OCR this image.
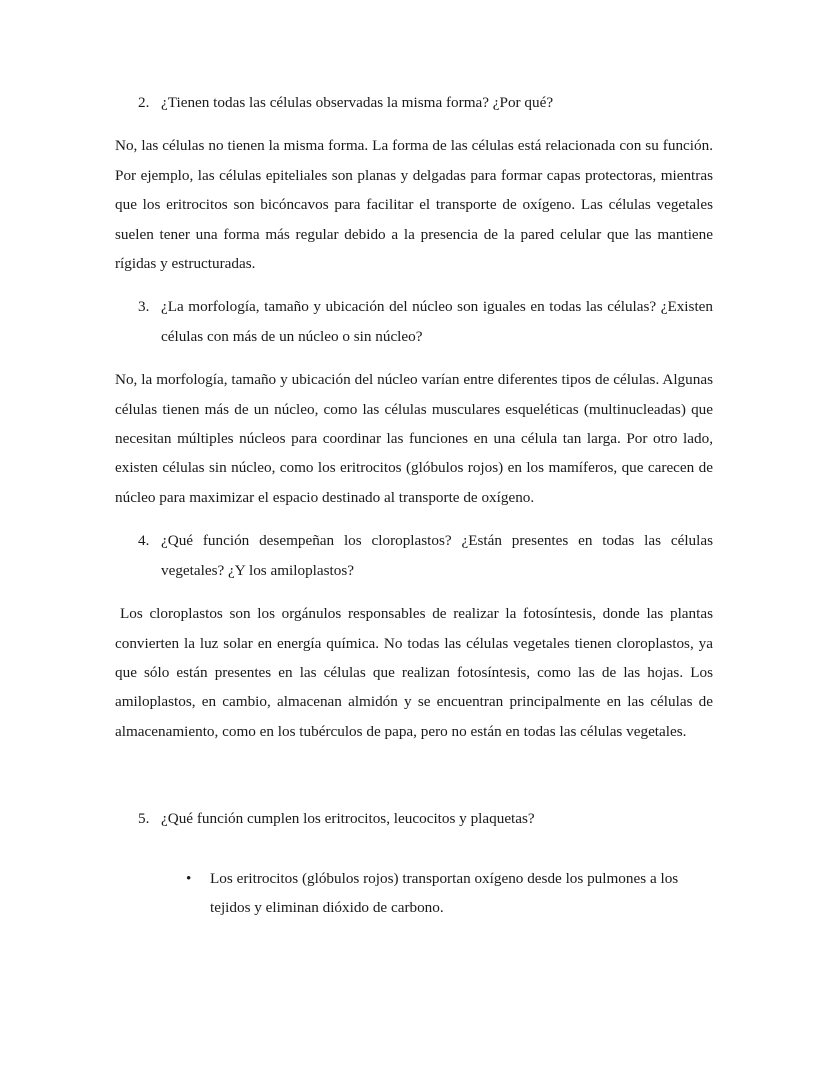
2. ¿Tienen todas las células observadas la misma forma? ¿Por qué?

No, las células no tienen la misma forma. La forma de las células está relacionada con su función. Por ejemplo, las células epiteliales son planas y delgadas para formar capas protectoras, mientras que los eritrocitos son bicóncavos para facilitar el transporte de oxígeno. Las células vegetales suelen tener una forma más regular debido a la presencia de la pared celular que las mantiene rígidas y estructuradas.

3. ¿La morfología, tamaño y ubicación del núcleo son iguales en todas las células? ¿Existen células con más de un núcleo o sin núcleo?

No, la morfología, tamaño y ubicación del núcleo varían entre diferentes tipos de células. Algunas células tienen más de un núcleo, como las células musculares esqueléticas (multinucleadas) que necesitan múltiples núcleos para coordinar las funciones en una célula tan larga. Por otro lado, existen células sin núcleo, como los eritrocitos (glóbulos rojos) en los mamíferos, que carecen de núcleo para maximizar el espacio destinado al transporte de oxígeno.

4. ¿Qué función desempeñan los cloroplastos? ¿Están presentes en todas las células vegetales? ¿Y los amiloplastos?

Los cloroplastos son los orgánulos responsables de realizar la fotosíntesis, donde las plantas convierten la luz solar en energía química. No todas las células vegetales tienen cloroplastos, ya que sólo están presentes en las células que realizan fotosíntesis, como las de las hojas. Los amiloplastos, en cambio, almacenan almidón y se encuentran principalmente en las células de almacenamiento, como en los tubérculos de papa, pero no están en todas las células vegetales.

5. ¿Qué función cumplen los eritrocitos, leucocitos y plaquetas?
• Los eritrocitos (glóbulos rojos) transportan oxígeno desde los pulmones a los tejidos y eliminan dióxido de carbono.
